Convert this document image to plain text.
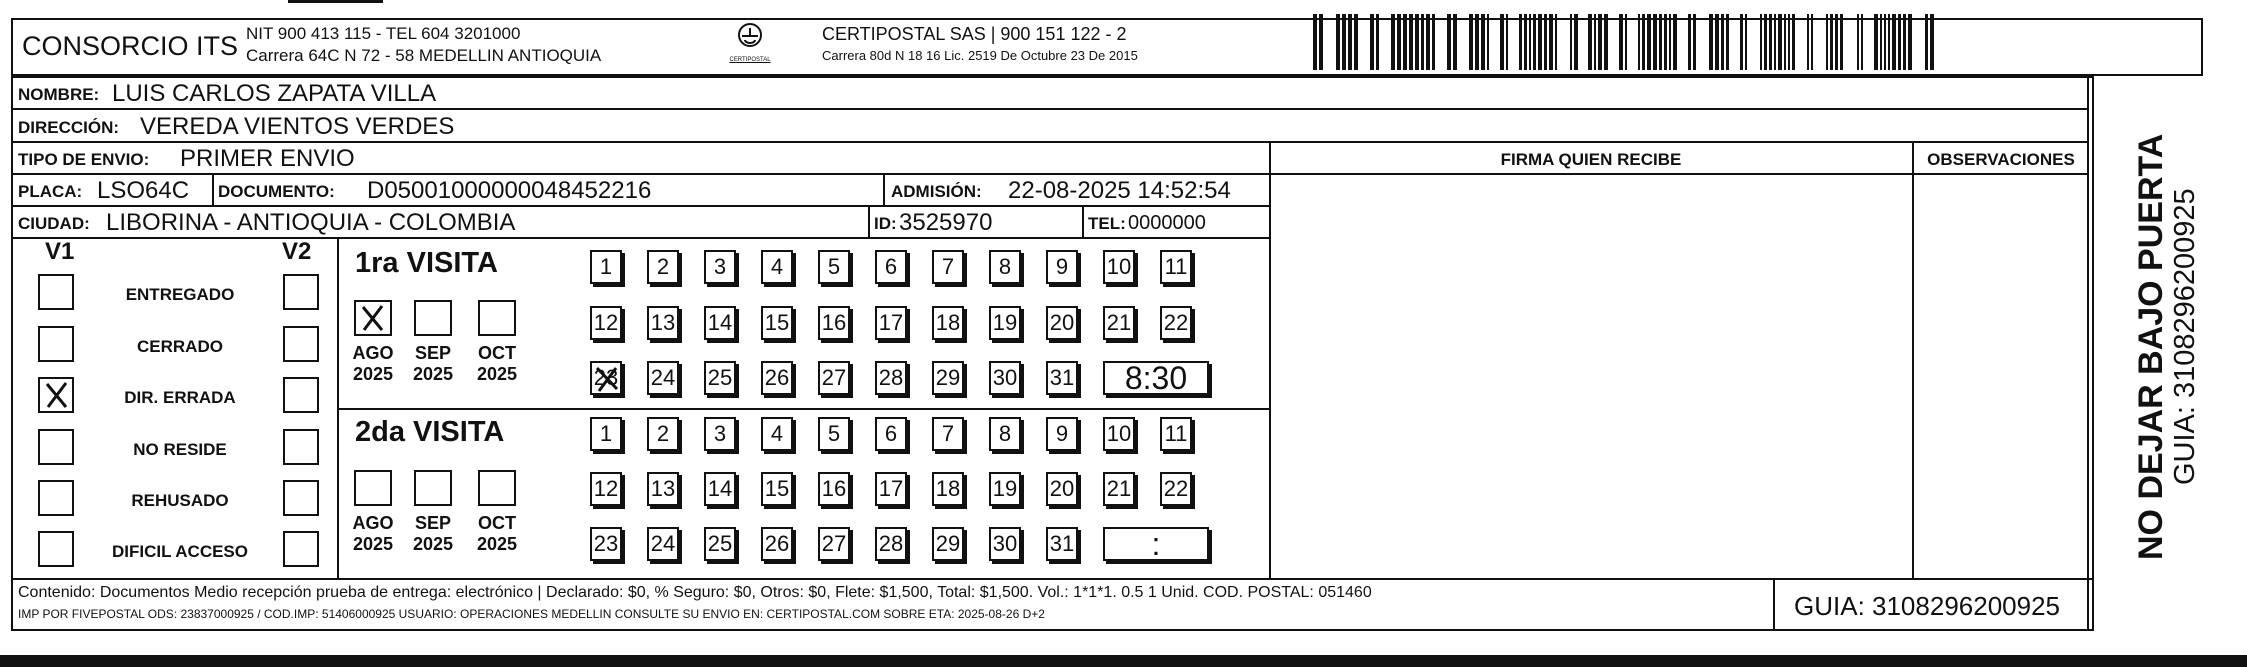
CONSORCIO ITS NIT 900 413 115 - TEL 604 3201000
Carrera 64C N 72 - 58 MEDELLIN ANTIOQUIA	CERTIPOSTAL
CERTIPOSTAL SAS | 900 151 122 - 2
Carrera 80d N 18 16 Lic. 2519 De Octubre 23 De 2015
NOMBRE: LUIS CARLOS ZAPATA VILLA
DIRECCIÓN: VEREDA VIENTOS VERDES
TIPO DE ENVIO: PRIMER ENVIO
PLACA: LSO64C DOCUMENTO: D05001000000048452216	ADMISIÓN: 22-08-2025 14:52:54
CIUDAD: LIBORINA - ANTIOQUIA - COLOMBIA	ID: 3525970	TEL: 0000000
FIRMA QUIEN RECIBE	OBSERVACIONES
V1	V2 1ra VISITA
2da VISITA
Contenido: Documentos Medio recepción prueba de entrega: electrónico | Declarado: $0, % Seguro: $0, Otros: $0, Flete: $1,500, Total: $1,500. Vol.: 1*1*1. 0.5 1 Unid. COD. POSTAL: 051460
IMP POR FIVEPOSTAL ODS: 23837000925 / COD.IMP: 51406000925 USUARIO: OPERACIONES MEDELLIN CONSULTE SU ENVIO EN: CERTIPOSTAL.COM SOBRE ETA: 2025-08-26 D+2	GUIA: 3108296200925
NO DEJAR BAJO PUERTA GUIA: 3108296200925
ENTREGADO
CERRADO
DIR. ERRADA
NO RESIDE
REHUSADO
DIFICIL ACCESO
AGO
2025
SEP
2025
OCT
2025
AGO
2025
SEP
2025
OCT
2025
1	2	3	4	5	6	7	8	9	10 11
12 13 14 15 16 17 18 19 20 21 22
23 24 25 26 27 28 29 30 31	8:30
1	2	3	4	5	6	7	8	9	10 11
12 13 14 15 16 17 18 19 20 21 22
23 24 25 26 27 28 29 30 31	:
